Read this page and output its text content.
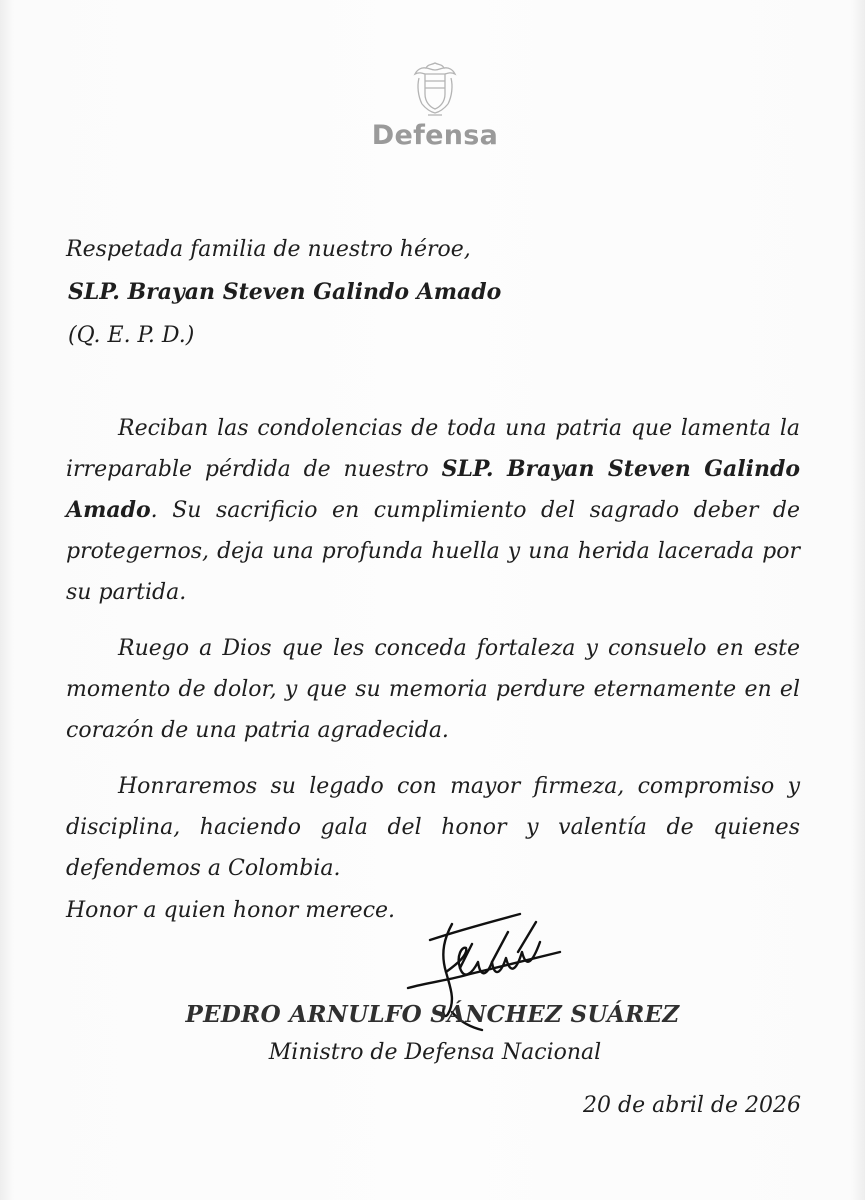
Defensa
Respetada familia de nuestro héroe,
SLP. Brayan Steven Galindo Amado
(Q. E. P. D.)

Reciban las condolencias de toda una patria que lamenta la irreparable pérdida de nuestro SLP. Brayan Steven Galindo Amado. Su sacrificio en cumplimiento del sagrado deber de protegernos, deja una profunda huella y una herida lacerada por su partida.

Ruego a Dios que les conceda fortaleza y consuelo en este momento de dolor, y que su memoria perdure eternamente en el corazón de una patria agradecida.

Honraremos su legado con mayor firmeza, compromiso y disciplina, haciendo gala del honor y valentía de quienes defendemos a Colombia.

Honor a quien honor merece.
PEDRO ARNULFO SÁNCHEZ SUÁREZ
Ministro de Defensa Nacional
20 de abril de 2026
